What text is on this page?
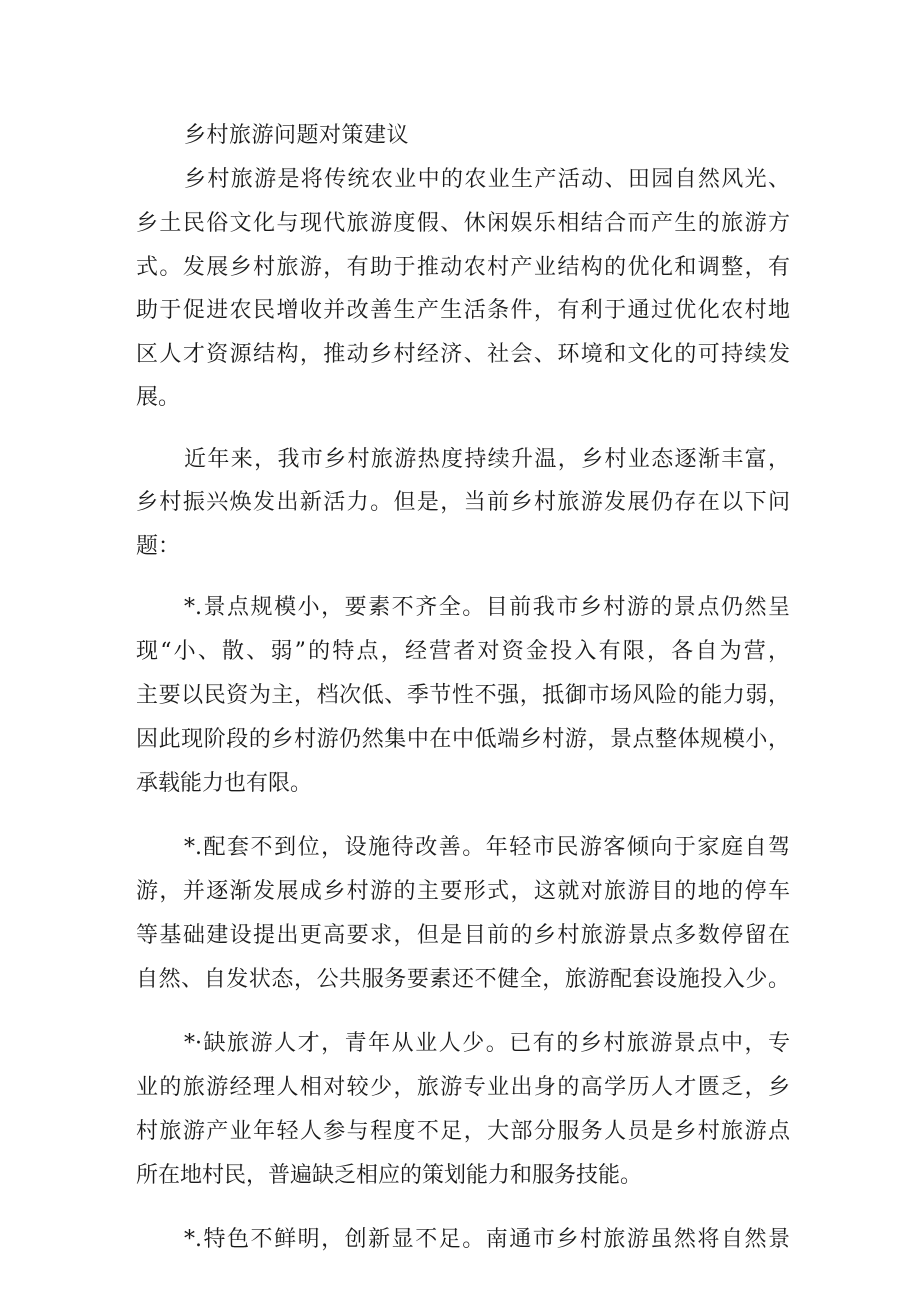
乡村旅游问题对策建议
乡村旅游是将传统农业中的农业生产活动、田园自然风光、
乡土民俗文化与现代旅游度假、休闲娱乐相结合而产生的旅游方
式。发展乡村旅游，有助于推动农村产业结构的优化和调整，有
助于促进农民增收并改善生产生活条件，有利于通过优化农村地
区人才资源结构，推动乡村经济、社会、环境和文化的可持续发
展。
近年来，我市乡村旅游热度持续升温，乡村业态逐渐丰富，
乡村振兴焕发出新活力。但是，当前乡村旅游发展仍存在以下问
题：
*.景点规模小，要素不齐全。目前我市乡村游的景点仍然呈
现“小、散、弱”的特点，经营者对资金投入有限，各自为营，
主要以民资为主，档次低、季节性不强，抵御市场风险的能力弱，
因此现阶段的乡村游仍然集中在中低端乡村游，景点整体规模小，
承载能力也有限。
*.配套不到位，设施待改善。年轻市民游客倾向于家庭自驾
游，并逐渐发展成乡村游的主要形式，这就对旅游目的地的停车
等基础建设提出更高要求，但是目前的乡村旅游景点多数停留在
自然、自发状态，公共服务要素还不健全，旅游配套设施投入少。
*·缺旅游人才，青年从业人少。已有的乡村旅游景点中，专
业的旅游经理人相对较少，旅游专业出身的高学历人才匮乏，乡
村旅游产业年轻人参与程度不足，大部分服务人员是乡村旅游点
所在地村民，普遍缺乏相应的策划能力和服务技能。
*.特色不鲜明，创新显不足。南通市乡村旅游虽然将自然景
